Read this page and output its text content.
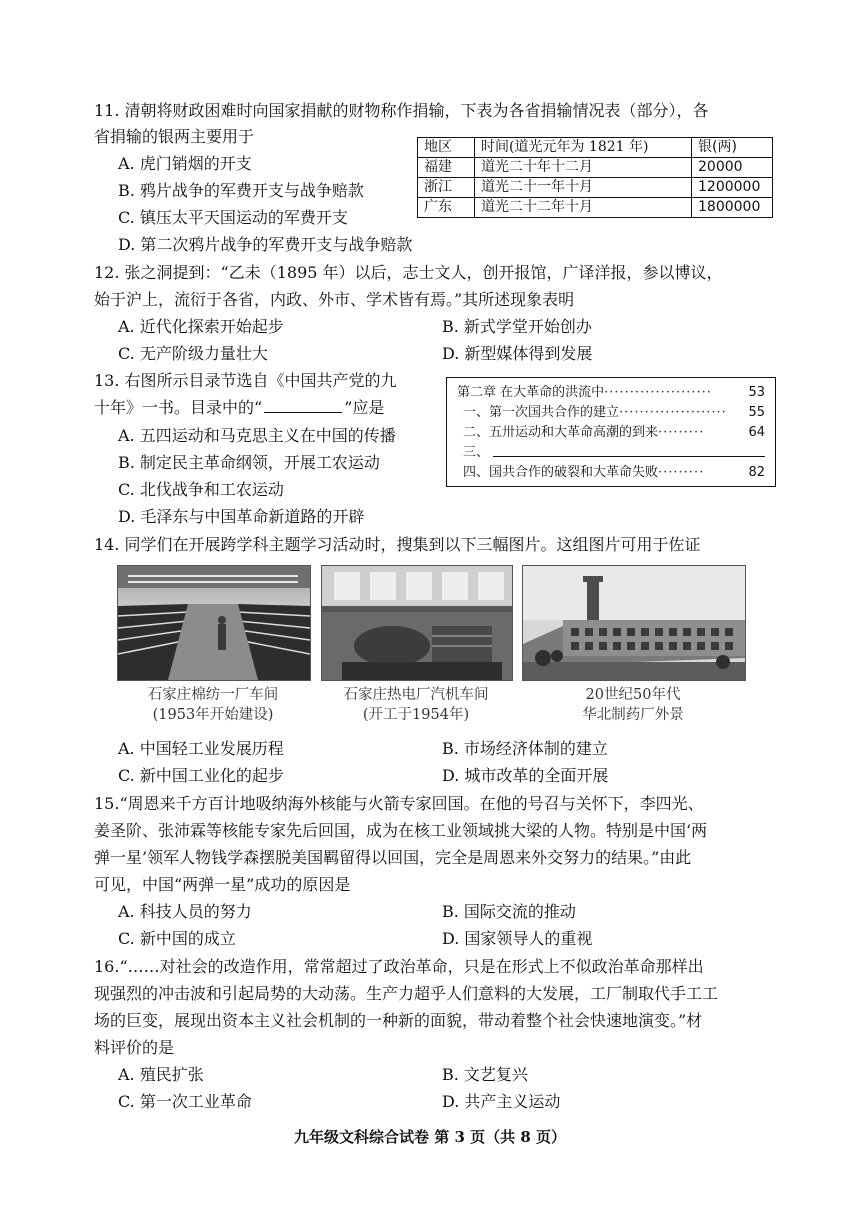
11. 清朝将财政困难时向国家捐献的财物称作捐输，下表为各省捐输情况表（部分），各
省捐输的银两主要用于
A. 虎门销烟的开支
B. 鸦片战争的军费开支与战争赔款
C. 镇压太平天国运动的军费开支
D. 第二次鸦片战争的军费开支与战争赔款
地区	时间(道光元年为 1821 年)	银(两)
福建	道光二十年十二月	20000
浙江	道光二十一年十月	1200000
广东	道光二十二年十月	1800000
12. 张之洞提到：“乙未（1895 年）以后，志士文人，创开报馆，广译洋报，参以博议，
始于沪上，流衍于各省，内政、外市、学术皆有焉。”其所述现象表明
A. 近代化探索开始起步	B. 新式学堂开始创办
C. 无产阶级力量壮大	D. 新型媒体得到发展
13. 右图所示目录节选自《中国共产党的九
十年》一书。目录中的“	”应是
A. 五四运动和马克思主义在中国的传播
B. 制定民主革命纲领，开展工农运动
C. 北伐战争和工农运动
D. 毛泽东与中国革命新道路的开辟
第二章 在大革命的洪流中 ·····················	53
一、第一次国共合作的建立 ·····················	55
二、五卅运动和大革命高潮的到来 ·········	64
三、
四、国共合作的破裂和大革命失败 ·········	82
14. 同学们在开展跨学科主题学习活动时，搜集到以下三幅图片。这组图片可用于佐证
石家庄棉纺一厂车间
(1953年开始建设)
石家庄热电厂汽机车间
(开工于1954年)
20世纪50年代
华北制药厂外景
A. 中国轻工业发展历程	B. 市场经济体制的建立
C. 新中国工业化的起步	D. 城市改革的全面开展
15.“周恩来千方百计地吸纳海外核能与火箭专家回国。在他的号召与关怀下，李四光、
姜圣阶、张沛霖等核能专家先后回国，成为在核工业领域挑大梁的人物。特别是中国‘两
弹一星’领军人物钱学森摆脱美国羁留得以回国，完全是周恩来外交努力的结果。”由此
可见，中国“两弹一星”成功的原因是
A. 科技人员的努力	B. 国际交流的推动
C. 新中国的成立	D. 国家领导人的重视
16.“……对社会的改造作用，常常超过了政治革命，只是在形式上不似政治革命那样出
现强烈的冲击波和引起局势的大动荡。生产力超乎人们意料的大发展，工厂制取代手工工
场的巨变，展现出资本主义社会机制的一种新的面貌，带动着整个社会快速地演变。”材
料评价的是
A. 殖民扩张	B. 文艺复兴
C. 第一次工业革命	D. 共产主义运动
九年级文科综合试卷 第 3 页（共 8 页）
